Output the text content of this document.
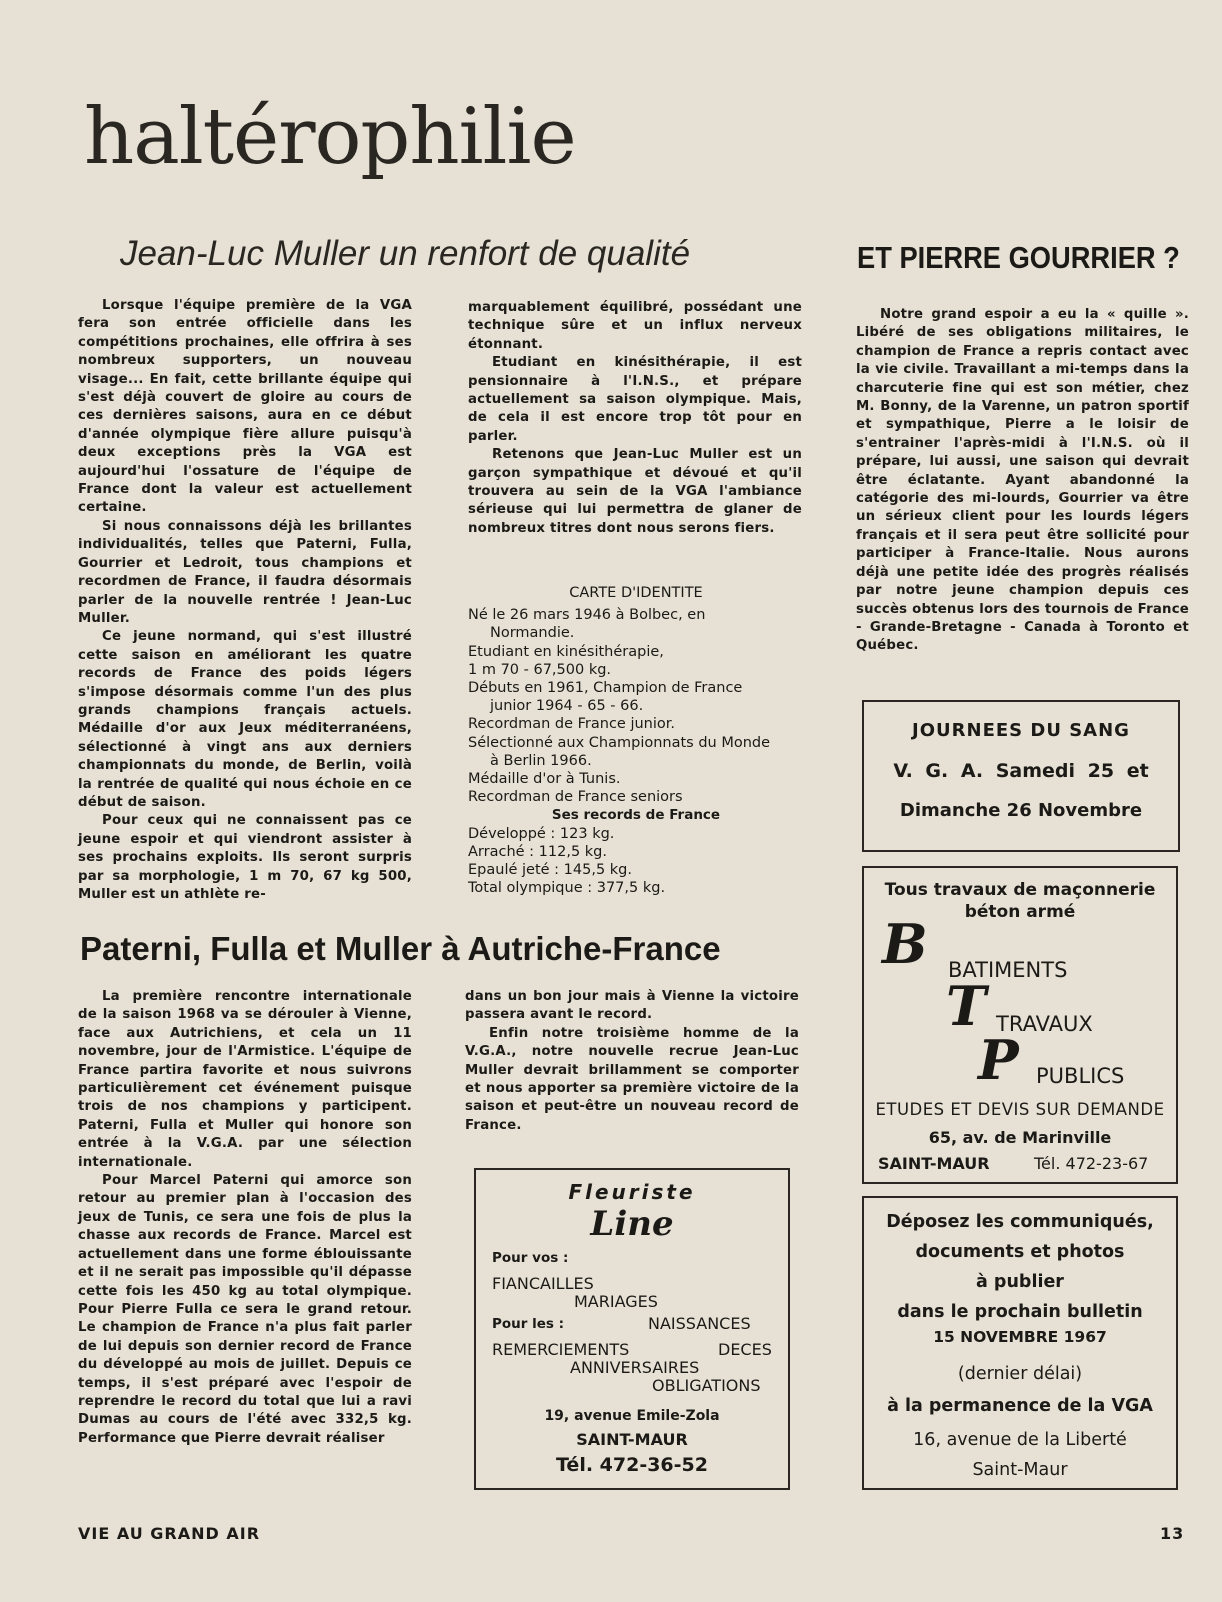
haltérophilie
Jean-Luc Muller un renfort de qualité

Lorsque l'équipe première de la VGA fera son entrée officielle dans les compétitions prochaines, elle offrira à ses nombreux supporters, un nouveau visage... En fait, cette brillante équipe qui s'est déjà couvert de gloire au cours de ces dernières saisons, aura en ce début d'année olympique fière allure puisqu'à deux exceptions près la VGA est aujourd'hui l'ossature de l'équipe de France dont la valeur est actuellement certaine.

Si nous connaissons déjà les brillantes individualités, telles que Paterni, Fulla, Gourrier et Ledroit, tous champions et recordmen de France, il faudra désormais parler de la nouvelle rentrée ! Jean-Luc Muller.

Ce jeune normand, qui s'est illustré cette saison en améliorant les quatre records de France des poids légers s'impose désormais comme l'un des plus grands champions français actuels. Médaille d'or aux Jeux méditerranéens, sélectionné à vingt ans aux derniers championnats du monde, de Berlin, voilà la rentrée de qualité qui nous échoie en ce début de saison.

Pour ceux qui ne connaissent pas ce jeune espoir et qui viendront assister à ses prochains exploits. Ils seront surpris par sa morphologie, 1 m 70, 67 kg 500, Muller est un athlète re-

marquablement équilibré, possédant une technique sûre et un influx nerveux étonnant.

Etudiant en kinésithérapie, il est pensionnaire à l'I.N.S., et prépare actuellement sa saison olympique. Mais, de cela il est encore trop tôt pour en parler.

Retenons que Jean-Luc Muller est un garçon sympathique et dévoué et qu'il trouvera au sein de la VGA l'ambiance sérieuse qui lui permettra de glaner de nombreux titres dont nous serons fiers.

CARTE D'IDENTITE
Né le 26 mars 1946 à Bolbec, en
Normandie.
Etudiant en kinésithérapie,
1 m 70 - 67,500 kg.
Débuts en 1961, Champion de France
junior 1964 - 65 - 66.
Recordman de France junior.
Sélectionné aux Championnats du Monde
à Berlin 1966.
Médaille d'or à Tunis.
Recordman de France seniors
Ses records de France
Développé : 123 kg.
Arraché : 112,5 kg.
Epaulé jeté : 145,5 kg.
Total olympique : 377,5 kg.
ET PIERRE GOURRIER ?

Notre grand espoir a eu la « quille ». Libéré de ses obligations militaires, le champion de France a repris contact avec la vie civile. Travaillant a mi-temps dans la charcuterie fine qui est son métier, chez M. Bonny, de la Varenne, un patron sportif et sympathique, Pierre a le loisir de s'entrainer l'après-midi à l'I.N.S. où il prépare, lui aussi, une saison qui devrait être éclatante. Ayant abandonné la catégorie des mi-lourds, Gourrier va être un sérieux client pour les lourds légers français et il sera peut être sollicité pour participer à France-Italie. Nous aurons déjà une petite idée des progrès réalisés par notre jeune champion depuis ces succès obtenus lors des tournois de France - Grande-Bretagne - Canada à Toronto et Québec.

Paterni, Fulla et Muller à Autriche-France

La première rencontre internationale de la saison 1968 va se dérouler à Vienne, face aux Autrichiens, et cela un 11 novembre, jour de l'Armistice. L'équipe de France partira favorite et nous suivrons particulièrement cet événement puisque trois de nos champions y participent. Paterni, Fulla et Muller qui honore son entrée à la V.G.A. par une sélection internationale.

Pour Marcel Paterni qui amorce son retour au premier plan à l'occasion des jeux de Tunis, ce sera une fois de plus la chasse aux records de France. Marcel est actuellement dans une forme éblouissante et il ne serait pas impossible qu'il dépasse cette fois les 450 kg au total olympique. Pour Pierre Fulla ce sera le grand retour. Le champion de France n'a plus fait parler de lui depuis son dernier record de France du développé au mois de juillet. Depuis ce temps, il s'est préparé avec l'espoir de reprendre le record du total que lui a ravi Dumas au cours de l'été avec 332,5 kg. Performance que Pierre devrait réaliser

dans un bon jour mais à Vienne la victoire passera avant le record.

Enfin notre troisième homme de la V.G.A., notre nouvelle recrue Jean-Luc Muller devrait brillamment se comporter et nous apporter sa première victoire de la saison et peut-être un nouveau record de France.

JOURNEES DU SANG
V. G. A. Samedi 25 et
Dimanche 26 Novembre
Tous travaux de maçonnerie
béton armé
B BATIMENTS
T TRAVAUX
P PUBLICS
ETUDES ET DEVIS SUR DEMANDE
65, av. de Marinville
SAINT-MAUR	Tél. 472-23-67
Déposez les communiqués,
documents et photos
à publier
dans le prochain bulletin
15 NOVEMBRE 1967
(dernier délai)
à la permanence de la VGA
16, avenue de la Liberté
Saint-Maur
Fleuriste
Line
Pour vos :
FIANCAILLES
MARIAGES
Pour les :	NAISSANCES
REMERCIEMENTS	DECES
ANNIVERSAIRES
OBLIGATIONS
19, avenue Emile-Zola
SAINT-MAUR
Tél. 472-36-52
VIE AU GRAND AIR	13
